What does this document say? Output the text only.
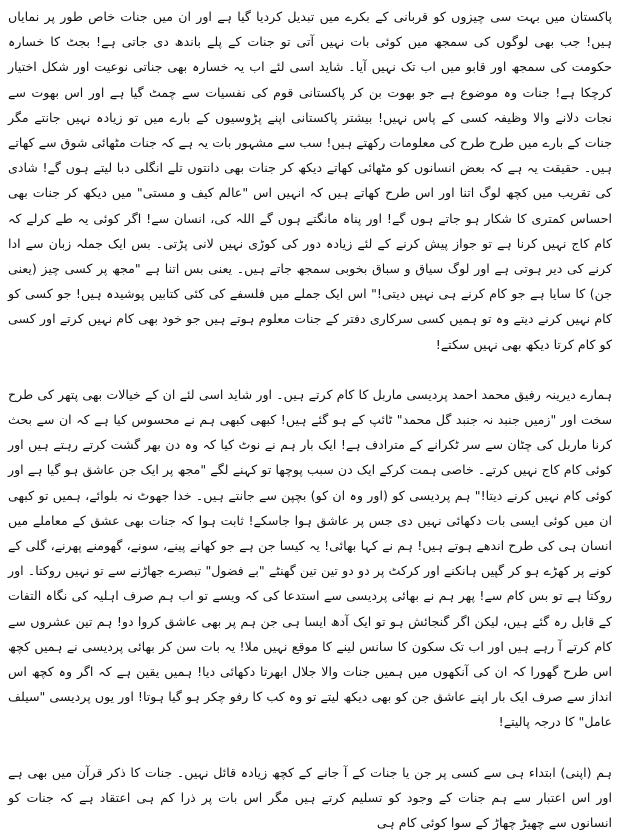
پاکستان میں بہت سی چیزوں کو قربانی کے بکرے میں تبدیل کردیا گیا ہے اور ان میں جنات خاص طور پر نمایاں ہیں! جب بھی لوگوں کی سمجھ میں کوئی بات نہیں آتی تو جنات کے پلے باندھ دی جاتی ہے! بجٹ کا خسارہ حکومت کی سمجھ اور قابو میں اب تک نہیں آیا۔ شاید اسی لئے اب یہ خسارہ بھی جناتی نوعیت اور شکل اختیار کرچکا ہے! جنات وہ موضوع ہے جو بھوت بن کر پاکستانی قوم کی نفسیات سے چمٹ گیا ہے اور اس بھوت سے نجات دلانے والا وظیفہ کسی کے پاس نہیں! بیشتر پاکستانی اپنے پڑوسیوں کے بارے میں تو زیادہ نہیں جانتے مگر جنات کے بارے میں طرح طرح کی معلومات رکھتے ہیں! سب سے مشہور بات یہ ہے کہ جنات مٹھائی شوق سے کھاتے ہیں۔ حقیقت یہ ہے کہ بعض انسانوں کو مٹھائی کھاتے دیکھ کر جنات بھی دانتوں تلے انگلی دبا لیتے ہوں گے! شادی کی تقریب میں کچھ لوگ اتنا اور اس طرح کھاتے ہیں کہ انہیں اس "عالم کیف و مستی" میں دیکھ کر جنات بھی احساس کمتری کا شکار ہو جاتے ہوں گے! اور پناہ مانگتے ہوں گے اللہ کی، انسان سے! اگر کوئی یہ طے کرلے کہ کام کاج نہیں کرنا ہے تو جواز پیش کرنے کے لئے زیادہ دور کی کوڑی نہیں لانی پڑتی۔ بس ایک جملہ زبان سے ادا کرنے کی دیر ہوتی ہے اور لوگ سیاق و سباق بخوبی سمجھ جاتے ہیں۔ یعنی بس اتنا ہے "مجھ پر کسی چیز (یعنی جن) کا سایا ہے جو کام کرنے ہی نہیں دیتی!" اس ایک جملے میں فلسفے کی کئی کتابیں پوشیدہ ہیں! جو کسی کو کام نہیں کرنے دیتے وہ تو ہمیں کسی سرکاری دفتر کے جنات معلوم ہوتے ہیں جو خود بھی کام نہیں کرتے اور کسی کو کام کرتا دیکھ بھی نہیں سکتے!

ہمارے دیرینہ رفیق محمد احمد پردیسی ماربل کا کام کرتے ہیں۔ اور شاید اسی لئے ان کے خیالات بھی پتھر کی طرح سخت اور "زمیں جنبد نہ جنبد گل محمد" ٹائپ کے ہو گئے ہیں! کبھی کبھی ہم نے محسوس کیا ہے کہ ان سے بحث کرنا ماربل کی چٹان سے سر ٹکرانے کے مترادف ہے! ایک بار ہم نے نوٹ کیا کہ وہ دن بھر گشت کرتے رہتے ہیں اور کوئی کام کاج نہیں کرتے۔ خاصی ہمت کرکے ایک دن سبب پوچھا تو کہنے لگے "مجھ پر ایک جن عاشق ہو گیا ہے اور کوئی کام نہیں کرنے دیتا!" ہم پردیسی کو (اور وہ ان کو) بچپن سے جانتے ہیں۔ خدا جھوٹ نہ بلوائے، ہمیں تو کبھی ان میں کوئی ایسی بات دکھائی نہیں دی جس پر عاشق ہوا جاسکے! ثابت ہوا کہ جنات بھی عشق کے معاملے میں انسان ہی کی طرح اندھے ہوتے ہیں! ہم نے کہا بھائی! یہ کیسا جن ہے جو کھانے پینے، سونے، گھومنے پھرنے، گلی کے کونے پر کھڑے ہو کر گپیں ہانکنے اور کرکٹ پر دو دو تین تین گھنٹے "بے فضول" تبصرے جھاڑنے سے تو نہیں روکتا۔ اور روکتا ہے تو بس کام سے! پھر ہم نے بھائی پردیسی سے استدعا کی کہ ویسے تو اب ہم صرف اہلیہ کی نگاہ التفات کے قابل رہ گئے ہیں، لیکن اگر گنجائش ہو تو ایک آدھ ایسا ہی جن ہم پر بھی عاشق کروا دو! ہم تین عشروں سے کام کرتے آ رہے ہیں اور اب تک سکون کا سانس لینے کا موقع نہیں ملا! یہ بات سن کر بھائی پردیسی نے ہمیں کچھ اس طرح گھورا کہ ان کی آنکھوں میں ہمیں جنات والا جلال ابھرتا دکھائی دیا! ہمیں یقین ہے کہ اگر وہ کچھ اس انداز سے صرف ایک بار اپنے عاشق جن کو بھی دیکھ لیتے تو وہ کب کا رفو چکر ہو گیا ہوتا! اور یوں پردیسی "سیلف عامل" کا درجہ پالیتے!

ہم (اپنی) ابتداء ہی سے کسی پر جن یا جنات کے آ جانے کے کچھ زیادہ قائل نہیں۔ جنات کا ذکر قرآن میں بھی ہے اور اس اعتبار سے ہم جنات کے وجود کو تسلیم کرتے ہیں مگر اس بات پر ذرا کم ہی اعتقاد ہے کہ جنات کو انسانوں سے چھیڑ چھاڑ کے سوا کوئی کام ہی
